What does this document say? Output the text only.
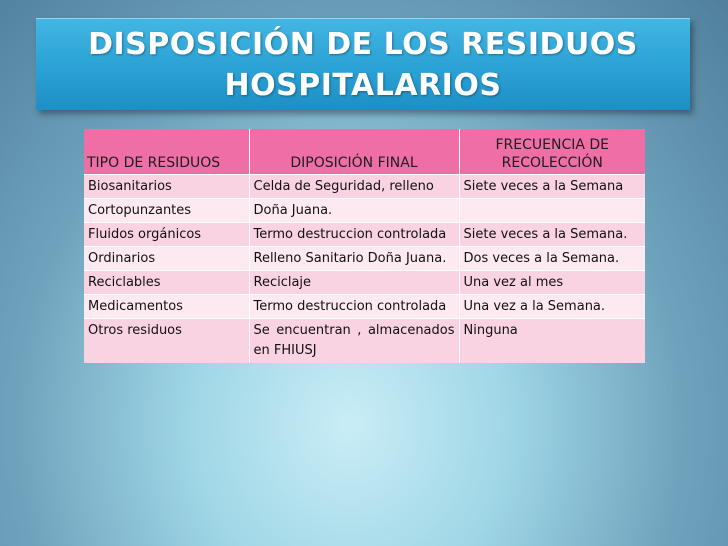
DISPOSICIÓN DE LOS RESIDUOS
HOSPITALARIOS
TIPO DE RESIDUOS	DIPOSICIÓN FINAL	FRECUENCIA DE RECOLECCIÓN
Biosanitarios	Celda de Seguridad, relleno	Siete veces a la Semana
Cortopunzantes	Doña Juana.	
Fluidos orgánicos	Termo destruccion controlada	Siete veces a la Semana.
Ordinarios	Relleno Sanitario Doña Juana.	Dos veces a la Semana.
Reciclables	Reciclaje	Una vez al mes
Medicamentos	Termo destruccion controlada	Una vez a la Semana.
Otros residuos	Se encuentran , almacenados en FHIUSJ	Ninguna
